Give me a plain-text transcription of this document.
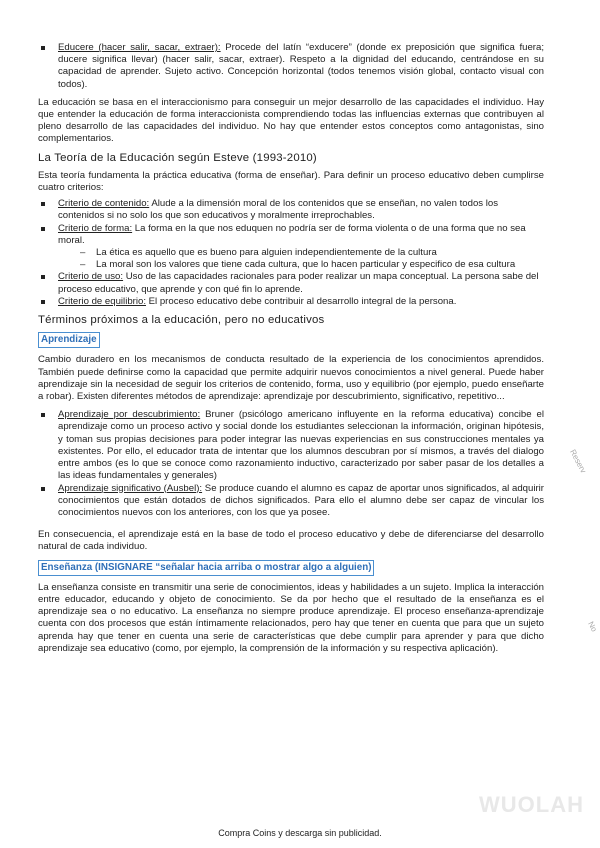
Educere (hacer salir, sacar, extraer): Procede del latín “exducere” (donde ex preposición que significa fuera; ducere significa llevar) (hacer salir, sacar, extraer). Respeto a la dignidad del educando, centrándose en su capacidad de aprender. Sujeto activo. Concepción horizontal (todos tenemos visión global, contacto visual con todos).

La educación se basa en el interaccionismo para conseguir un mejor desarrollo de las capacidades el individuo. Hay que entender la educación de forma interaccionista comprendiendo todas las influencias externas que contribuyen al pleno desarrollo de las capacidades del individuo. No hay que entender estos conceptos como antagonistas, sino complementarios.

La Teoría de la Educación según Esteve (1993-2010)

Esta teoría fundamenta la práctica educativa (forma de enseñar). Para definir un proceso educativo deben cumplirse cuatro criterios:

Criterio de contenido: Alude a la dimensión moral de los contenidos que se enseñan, no valen todos los contenidos si no solo los que son educativos y moralmente irreprochables.
Criterio de forma: La forma en la que nos eduquen no podría ser de forma violenta o de una forma que no sea moral.
– La ética es aquello que es bueno para alguien independientemente de la cultura
– La moral son los valores que tiene cada cultura, que lo hacen particular y especifico de esa cultura
Criterio de uso: Uso de las capacidades racionales para poder realizar un mapa conceptual. La persona sabe del proceso educativo, que aprende y con qué fin lo aprende.
Criterio de equilibrio: El proceso educativo debe contribuir al desarrollo integral de la persona.
Términos próximos a la educación, pero no educativos
Aprendizaje

Cambio duradero en los mecanismos de conducta resultado de la experiencia de los conocimientos aprendidos. También puede definirse como la capacidad que permite adquirir nuevos conocimientos a nivel general. Puede haber aprendizaje sin la necesidad de seguir los criterios de contenido, forma, uso y equilibrio (por ejemplo, puedo enseñarte a robar). Existen diferentes métodos de aprendizaje: aprendizaje por descubrimiento, significativo, repetitivo...

Aprendizaje por descubrimiento: Bruner (psicólogo americano influyente en la reforma educativa) concibe el aprendizaje como un proceso activo y social donde los estudiantes seleccionan la información, originan hipótesis, y toman sus propias decisiones para poder integrar las nuevas experiencias en sus construcciones mentales ya existentes. Por ello, el educador trata de intentar que los alumnos descubran por sí mismos, a través del dialogo entre ambos (es lo que se conoce como razonamiento inductivo, caracterizado por saber pasar de los detalles a las ideas fundamentales y generales)
Aprendizaje significativo (Ausbel): Se produce cuando el alumno es capaz de aportar unos significados, al adquirir conocimientos que están dotados de dichos significados. Para ello el alumno debe ser capaz de vincular los conocimientos nuevos con los anteriores, con los que ya posee.

En consecuencia, el aprendizaje está en la base de todo el proceso educativo y debe de diferenciarse del desarrollo natural de cada individuo.

Enseñanza (INSIGNARE “señalar hacia arriba o mostrar algo a alguien)

La enseñanza consiste en transmitir una serie de conocimientos, ideas y habilidades a un sujeto. Implica la interacción entre educador, educando y objeto de conocimiento. Se da por hecho que el resultado de la enseñanza es el aprendizaje sea o no educativo. La enseñanza no siempre produce aprendizaje. El proceso enseñanza-aprendizaje cuenta con dos procesos que están íntimamente relacionados, pero hay que tener en cuenta que para que un sujeto aprenda hay que tener en cuenta una serie de características que debe cumplir para aprender y para que dicho aprendizaje sea educativo (como, por ejemplo, la comprensión de la información y su respectiva aplicación).

Reserv
No
WUOLAH
Compra Coins y descarga sin publicidad.
